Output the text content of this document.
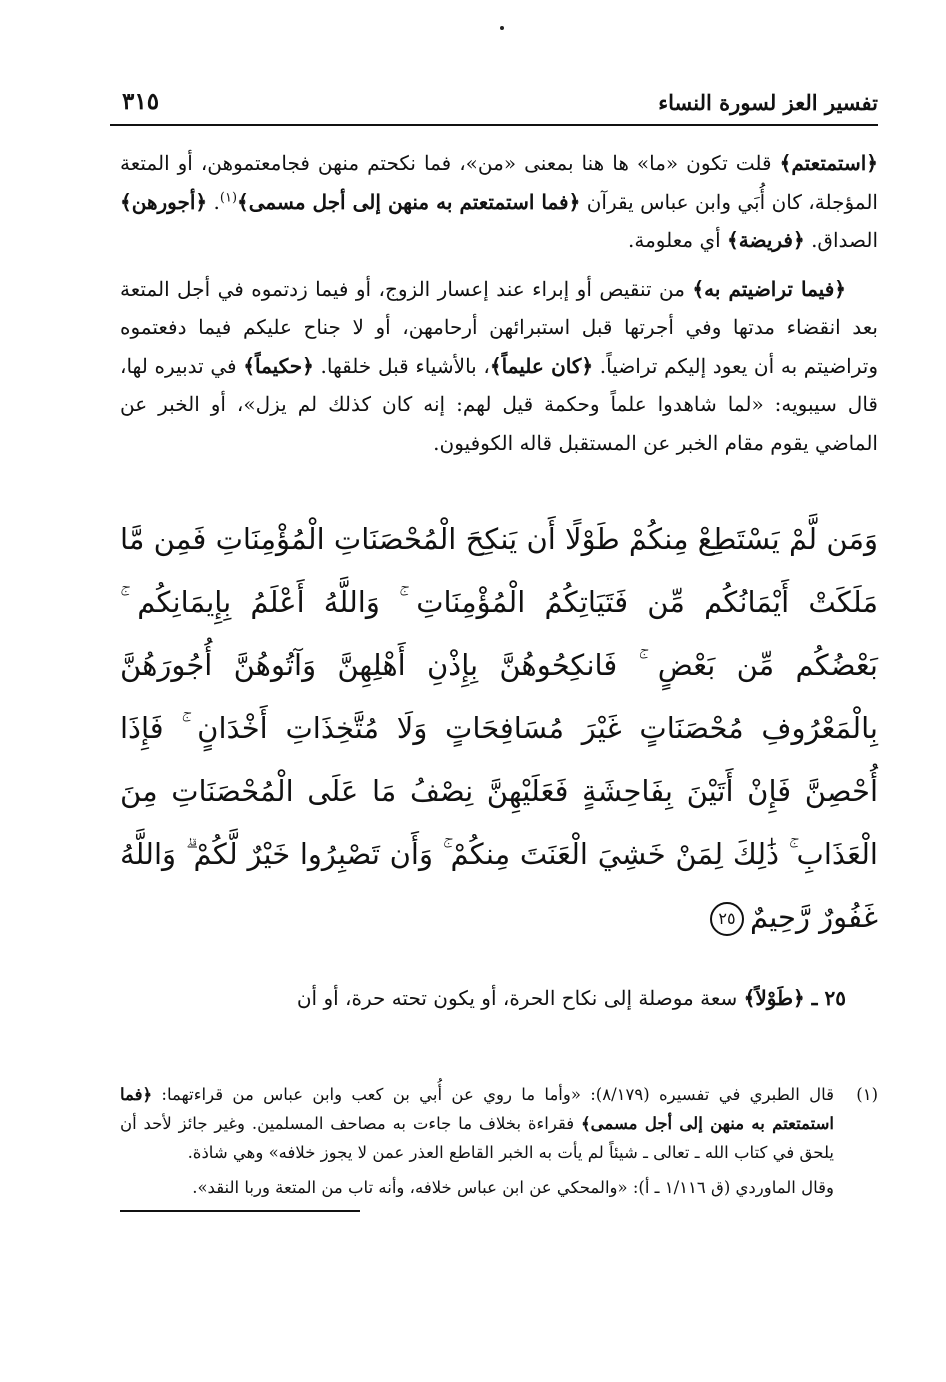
تفسير العز لسورة النساء
٣١٥

﴿استمتعتم﴾ قلت تكون «ما» ها هنا بمعنى «من»، فما نكحتم منهن فجامعتموهن، أو المتعة المؤجلة، كان أُبَي وابن عباس يقرآن ﴿فما استمتعتم به منهن إلى أجل مسمى﴾$^{(١)}$. ﴿أجورهن﴾ الصداق. ﴿فريضة﴾ أي معلومة.

﴿فيما تراضيتم به﴾ من تنقيص أو إبراء عند إعسار الزوج، أو فيما زدتموه في أجل المتعة بعد انقضاء مدتها وفي أجرتها قبل استبرائهن أرحامهن، أو لا جناح عليكم فيما دفعتموه وتراضيتم به أن يعود إليكم تراضياً. ﴿كان عليماً﴾، بالأشياء قبل خلقها. ﴿حكيماً﴾ في تدبيره لها، قال سيبويه: «لما شاهدوا علماً وحكمة قيل لهم: إنه كان كذلك لم يزل»، أو الخبر عن الماضي يقوم مقام الخبر عن المستقبل قاله الكوفيون.

وَمَن لَّمْ يَسْتَطِعْ مِنكُمْ طَوْلًا أَن يَنكِحَ الْمُحْصَنَاتِ الْمُؤْمِنَاتِ فَمِن مَّا مَلَكَتْ أَيْمَانُكُم مِّن فَتَيَاتِكُمُ الْمُؤْمِنَاتِ ۚ وَاللَّهُ أَعْلَمُ بِإِيمَانِكُم ۚ بَعْضُكُم مِّن بَعْضٍ ۚ فَانكِحُوهُنَّ بِإِذْنِ أَهْلِهِنَّ وَآتُوهُنَّ أُجُورَهُنَّ بِالْمَعْرُوفِ مُحْصَنَاتٍ غَيْرَ مُسَافِحَاتٍ وَلَا مُتَّخِذَاتِ أَخْدَانٍ ۚ فَإِذَا أُحْصِنَّ فَإِنْ أَتَيْنَ بِفَاحِشَةٍ فَعَلَيْهِنَّ نِصْفُ مَا عَلَى الْمُحْصَنَاتِ مِنَ الْعَذَابِ ۚ ذَٰلِكَ لِمَنْ خَشِيَ الْعَنَتَ مِنكُمْ ۚ وَأَن تَصْبِرُوا خَيْرٌ لَّكُمْ ۗ وَاللَّهُ غَفُورٌ رَّحِيمٌ٢٥

٢٥ ـ ﴿طَوْلاً﴾ سعة موصلة إلى نكاح الحرة، أو يكون تحته حرة، أو أن

(١)

قال الطبري في تفسيره (٨/١٧٩): «وأما ما روي عن أُبي بن كعب وابن عباس من قراءتهما: ﴿فما استمتعتم به منهن إلى أجل مسمى﴾ فقراءة بخلاف ما جاءت به مصاحف المسلمين. وغير جائز لأحد أن يلحق في كتاب الله ـ تعالى ـ شيئاً لم يأت به الخبر القاطع العذر عمن لا يجوز خلافه» وهي شاذة.

وقال الماوردي (ق ١/١١٦ ـ أ): «والمحكي عن ابن عباس خلافه، وأنه تاب من المتعة وربا النقد».
